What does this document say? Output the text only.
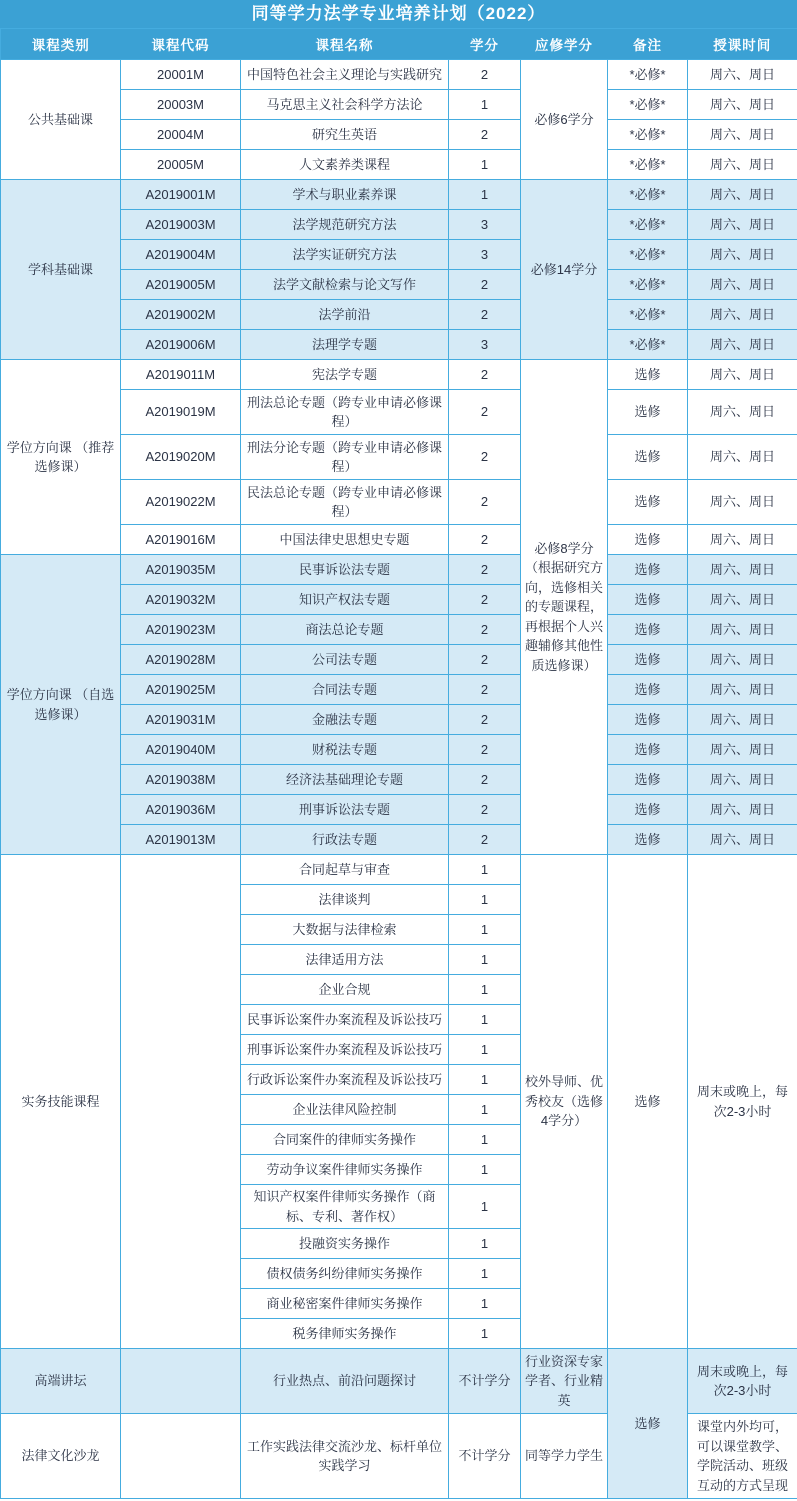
同等学力法学专业培养计划（2022）
课程类别	课程代码	课程名称	学分	应修学分	备注	授课时间
公共基础课	20001M	中国特色社会主义理论与实践研究	2	必修6学分	*必修*	周六、周日
	20003M	马克思主义社会科学方法论	1		*必修*	周六、周日
	20004M	研究生英语	2		*必修*	周六、周日
	20005M	人文素养类课程	1		*必修*	周六、周日
学科基础课	A2019001M	学术与职业素养课	1	必修14学分	*必修*	周六、周日
	A2019003M	法学规范研究方法	3		*必修*	周六、周日
	A2019004M	法学实证研究方法	3		*必修*	周六、周日
	A2019005M	法学文献检索与论文写作	2		*必修*	周六、周日
	A2019002M	法学前沿	2		*必修*	周六、周日
	A2019006M	法理学专题	3		*必修*	周六、周日
学位方向课 （推荐选修课）	A2019011M	宪法学专题	2	必修8学分（根据研究方向，选修相关的专题课程，再根据个人兴趣辅修其他性质选修课）	选修	周六、周日
	A2019019M	刑法总论专题（跨专业申请必修课程）	2		选修	周六、周日
	A2019020M	刑法分论专题（跨专业申请必修课程）	2		选修	周六、周日
	A2019022M	民法总论专题（跨专业申请必修课程）	2		选修	周六、周日
	A2019016M	中国法律史思想史专题	2		选修	周六、周日
学位方向课 （自选选修课）	A2019035M	民事诉讼法专题	2		选修	周六、周日
	A2019032M	知识产权法专题	2		选修	周六、周日
	A2019023M	商法总论专题	2		选修	周六、周日
	A2019028M	公司法专题	2		选修	周六、周日
	A2019025M	合同法专题	2		选修	周六、周日
	A2019031M	金融法专题	2		选修	周六、周日
	A2019040M	财税法专题	2		选修	周六、周日
	A2019038M	经济法基础理论专题	2		选修	周六、周日
	A2019036M	刑事诉讼法专题	2		选修	周六、周日
	A2019013M	行政法专题	2		选修	周六、周日
实务技能课程		合同起草与审查	1	校外导师、优秀校友（选修4学分）	选修	周末或晚上，每次2-3小时
		法律谈判	1			
		大数据与法律检索	1			
		法律适用方法	1			
		企业合规	1			
		民事诉讼案件办案流程及诉讼技巧	1			
		刑事诉讼案件办案流程及诉讼技巧	1			
		行政诉讼案件办案流程及诉讼技巧	1			
		企业法律风险控制	1			
		合同案件的律师实务操作	1			
		劳动争议案件律师实务操作	1			
		知识产权案件律师实务操作（商标、专利、著作权）	1			
		投融资实务操作	1			
		债权债务纠纷律师实务操作	1			
		商业秘密案件律师实务操作	1			
		税务律师实务操作	1			
高端讲坛		行业热点、前沿问题探讨	不计学分	行业资深专家学者、行业精英	选修	周末或晚上，每次2-3小时
法律文化沙龙		工作实践法律交流沙龙、标杆单位实践学习	不计学分	同等学力学生		课堂内外均可，可以课堂教学、学院活动、班级互动的方式呈现
